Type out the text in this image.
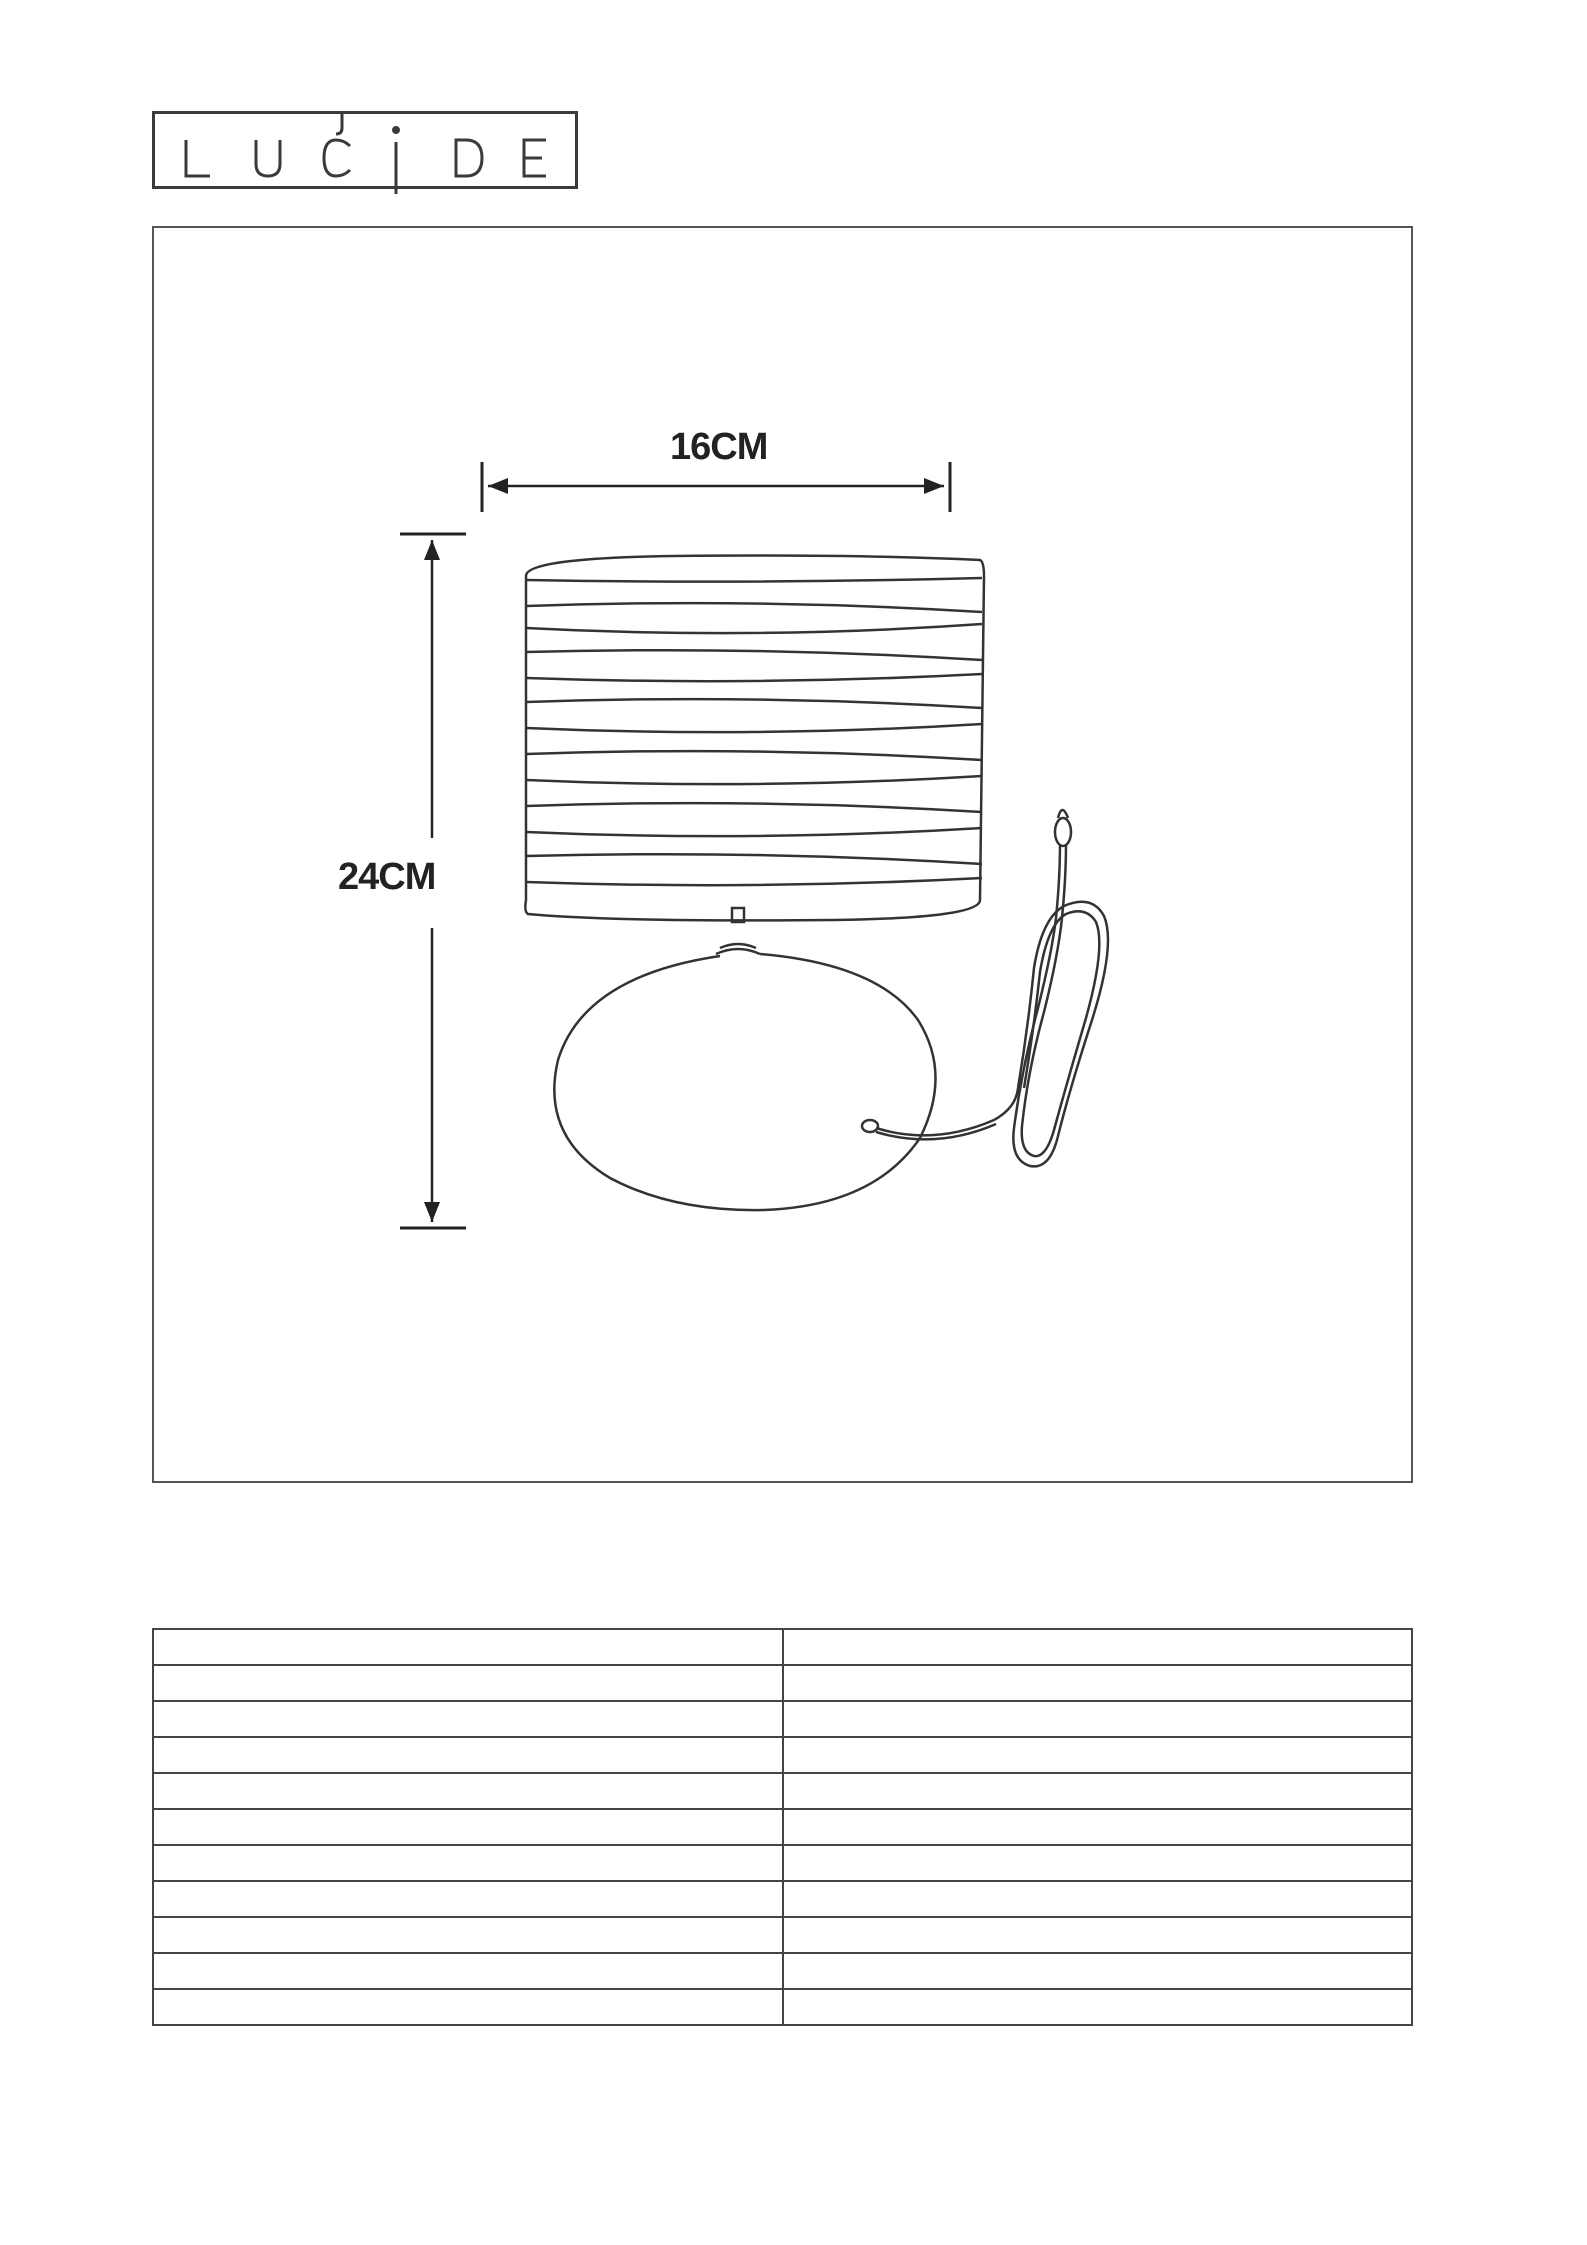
16CM
24CM
